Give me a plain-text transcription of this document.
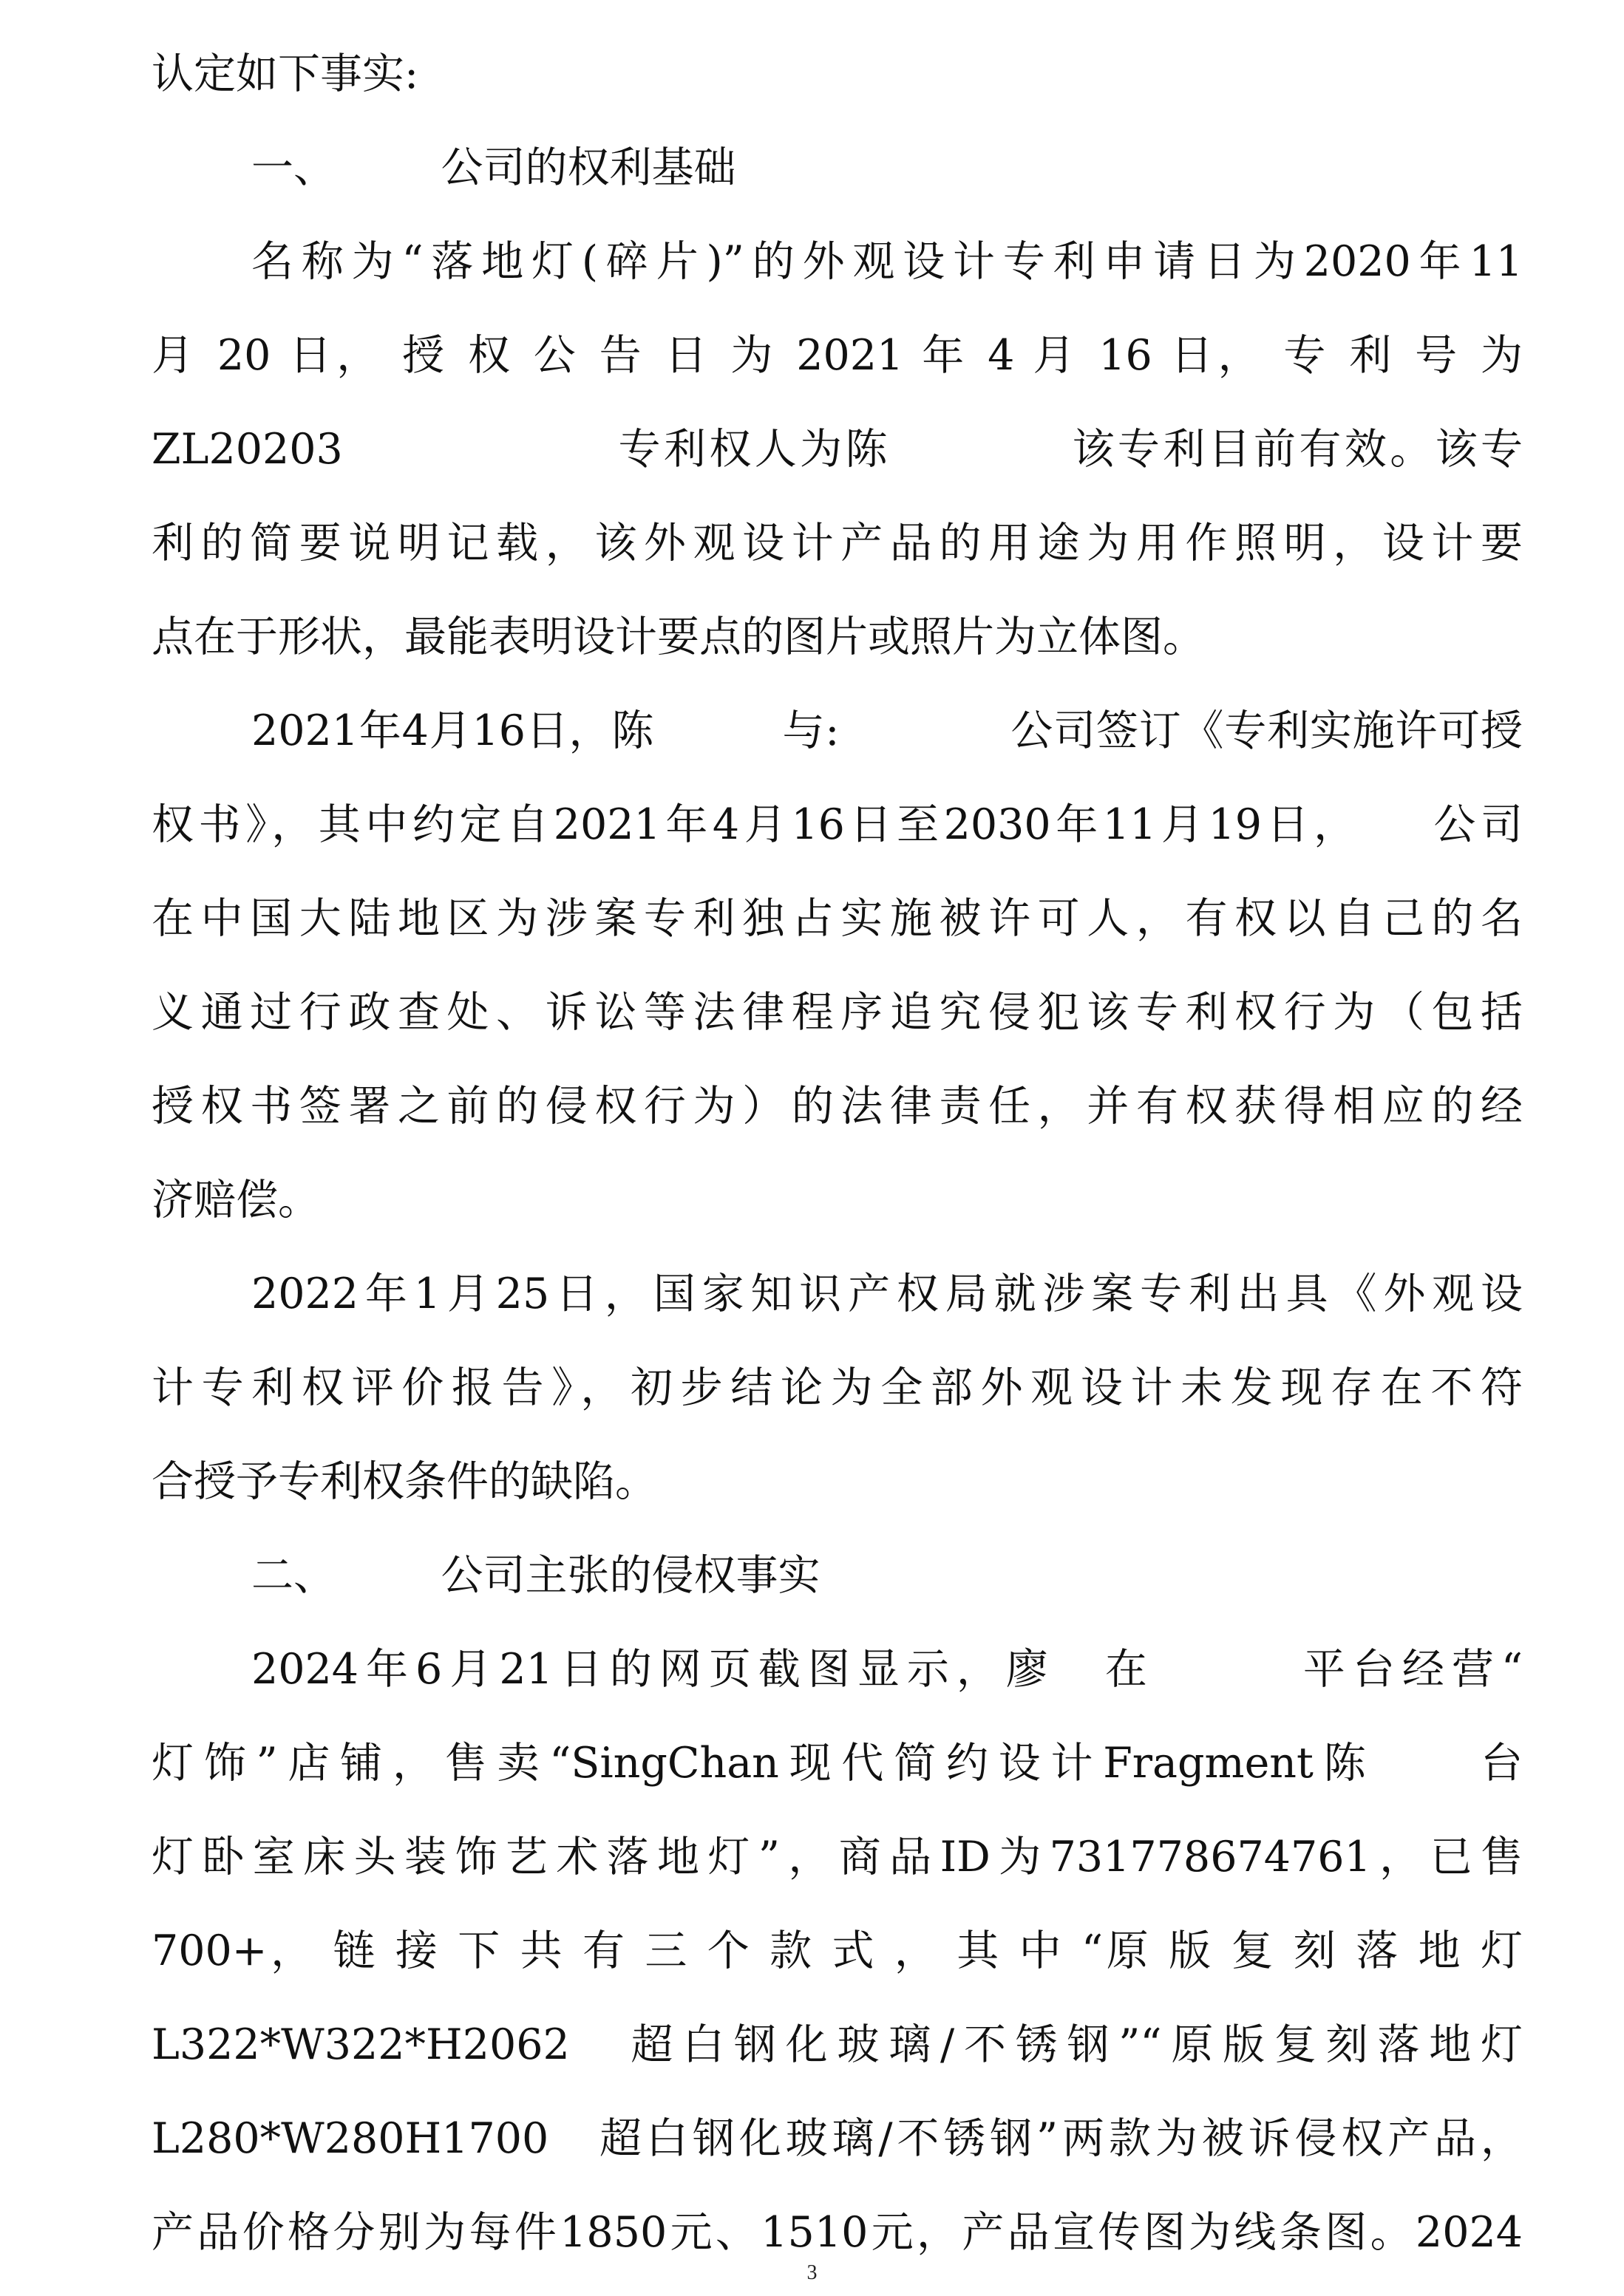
认定如下事实:
一、　　　公司的权利基础
名称为“落地灯(碎片)”的外观设计专利申请日为2020年11
月 20 日， 授 权 公 告 日 为 2021 年 4 月 16 日， 专 利 号 为
ZL20203　　　　　　专利权人为陈　　　　该专利目前有效。该专
利的简要说明记载，该外观设计产品的用途为用作照明，设计要
点在于形状，最能表明设计要点的图片或照片为立体图。
2021年4月16日，陈　　　与:　　　　公司签订《专利实施许可授
权书》，其中约定自2021年4月16日至2030年11月19日，　　公司
在中国大陆地区为涉案专利独占实施被许可人，有权以自己的名
义通过行政查处、诉讼等法律程序追究侵犯该专利权行为（包括
授权书签署之前的侵权行为）的法律责任，并有权获得相应的经
济赔偿。
2022年1月25日，国家知识产权局就涉案专利出具《外观设
计专利权评价报告》，初步结论为全部外观设计未发现存在不符
合授予专利权条件的缺陷。
二、　　　公司主张的侵权事实
2024年6月21日的网页截图显示，廖　在　　　平台经营“
灯饰”店铺，售卖“SingChan现代简约设计Fragment陈　　台
灯卧室床头装饰艺术落地灯”，商品ID为731778674761，已售
700+， 链 接 下 共 有 三 个 款 式 ， 其 中 “原 版 复 刻 落 地 灯
L322*W322*H2062　超白钢化玻璃/不锈钢”“原版复刻落地灯
L280*W280H1700　超白钢化玻璃/不锈钢”两款为被诉侵权产品，
产品价格分别为每件1850元、1510元，产品宣传图为线条图。2024
3
